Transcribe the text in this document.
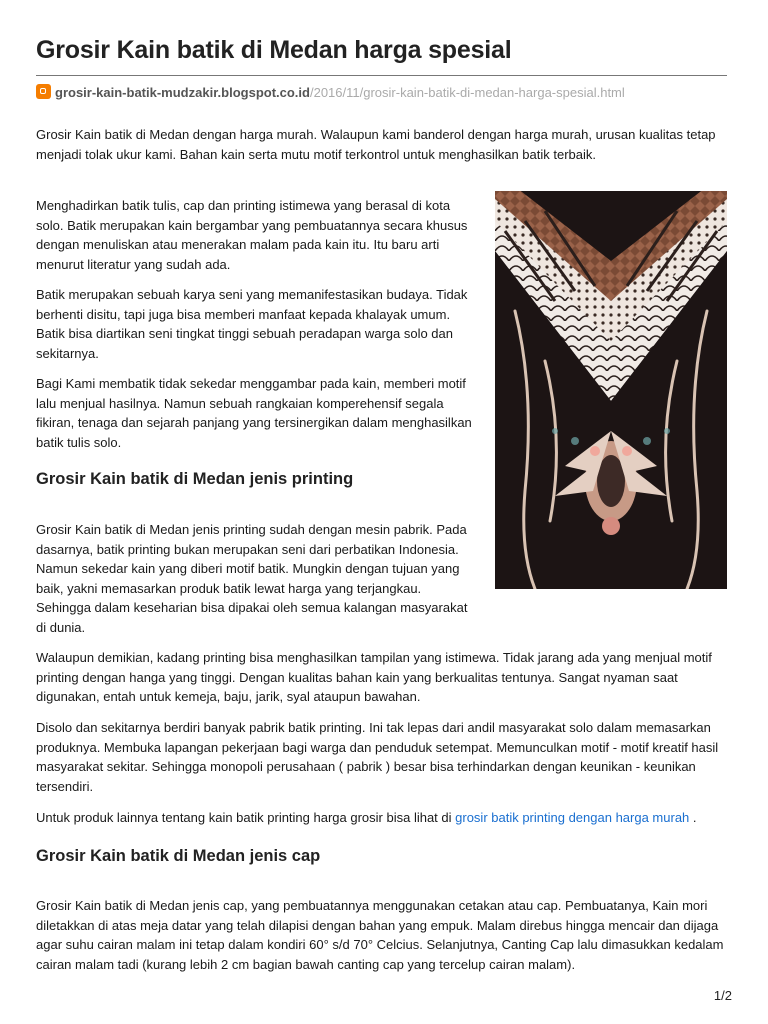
Grosir Kain batik di Medan harga spesial
grosir-kain-batik-mudzakir.blogspot.co.id/2016/11/grosir-kain-batik-di-medan-harga-spesial.html

Grosir Kain batik di Medan dengan harga murah. Walaupun kami banderol dengan harga murah, urusan kualitas tetap menjadi tolak ukur kami. Bahan kain serta mutu motif terkontrol untuk menghasilkan batik terbaik.

Menghadirkan batik tulis, cap dan printing istimewa yang berasal di kota solo. Batik merupakan kain bergambar yang pembuatannya secara khusus dengan menuliskan atau menerakan malam pada kain itu. Itu baru arti menurut literatur yang sudah ada.

Batik merupakan sebuah karya seni yang memanifestasikan budaya. Tidak berhenti disitu, tapi juga bisa memberi manfaat kepada khalayak umum. Batik bisa diartikan seni tingkat tinggi sebuah peradapan warga solo dan sekitarnya.

Bagi Kami membatik tidak sekedar menggambar pada kain, memberi motif lalu menjual hasilnya. Namun sebuah rangkaian komperehensif segala fikiran, tenaga dan sejarah panjang yang tersinergikan dalam menghasilkan batik tulis solo.

Grosir Kain batik di Medan jenis printing

Grosir Kain batik di Medan jenis printing sudah dengan mesin pabrik. Pada dasarnya, batik printing bukan merupakan seni dari perbatikan Indonesia. Namun sekedar kain yang diberi motif batik. Mungkin dengan tujuan yang baik, yakni memasarkan produk batik lewat harga yang terjangkau. Sehingga dalam keseharian bisa dipakai oleh semua kalangan masyarakat di dunia.

Walaupun demikian, kadang printing bisa menghasilkan tampilan yang istimewa. Tidak jarang ada yang menjual motif printing dengan hanga yang tinggi. Dengan kualitas bahan kain yang berkualitas tentunya. Sangat nyaman saat digunakan, entah untuk kemeja, baju, jarik, syal ataupun bawahan.

Disolo dan sekitarnya berdiri banyak pabrik batik printing. Ini tak lepas dari andil masyarakat solo dalam memasarkan produknya. Membuka lapangan pekerjaan bagi warga dan penduduk setempat. Memunculkan motif - motif kreatif hasil masyarakat sekitar. Sehingga monopoli perusahaan ( pabrik ) besar bisa terhindarkan dengan keunikan - keunikan tersendiri.

Untuk produk lainnya tentang kain batik printing harga grosir bisa lihat di grosir batik printing dengan harga murah .

Grosir Kain batik di Medan jenis cap

Grosir Kain batik di Medan jenis cap, yang pembuatannya menggunakan cetakan atau cap. Pembuatanya, Kain mori diletakkan di atas meja datar yang telah dilapisi dengan bahan yang empuk. Malam direbus hingga mencair dan dijaga agar suhu cairan malam ini tetap dalam kondiri 60° s/d 70° Celcius. Selanjutnya, Canting Cap lalu dimasukkan kedalam cairan malam tadi (kurang lebih 2 cm bagian bawah canting cap yang tercelup cairan malam).

1/2
